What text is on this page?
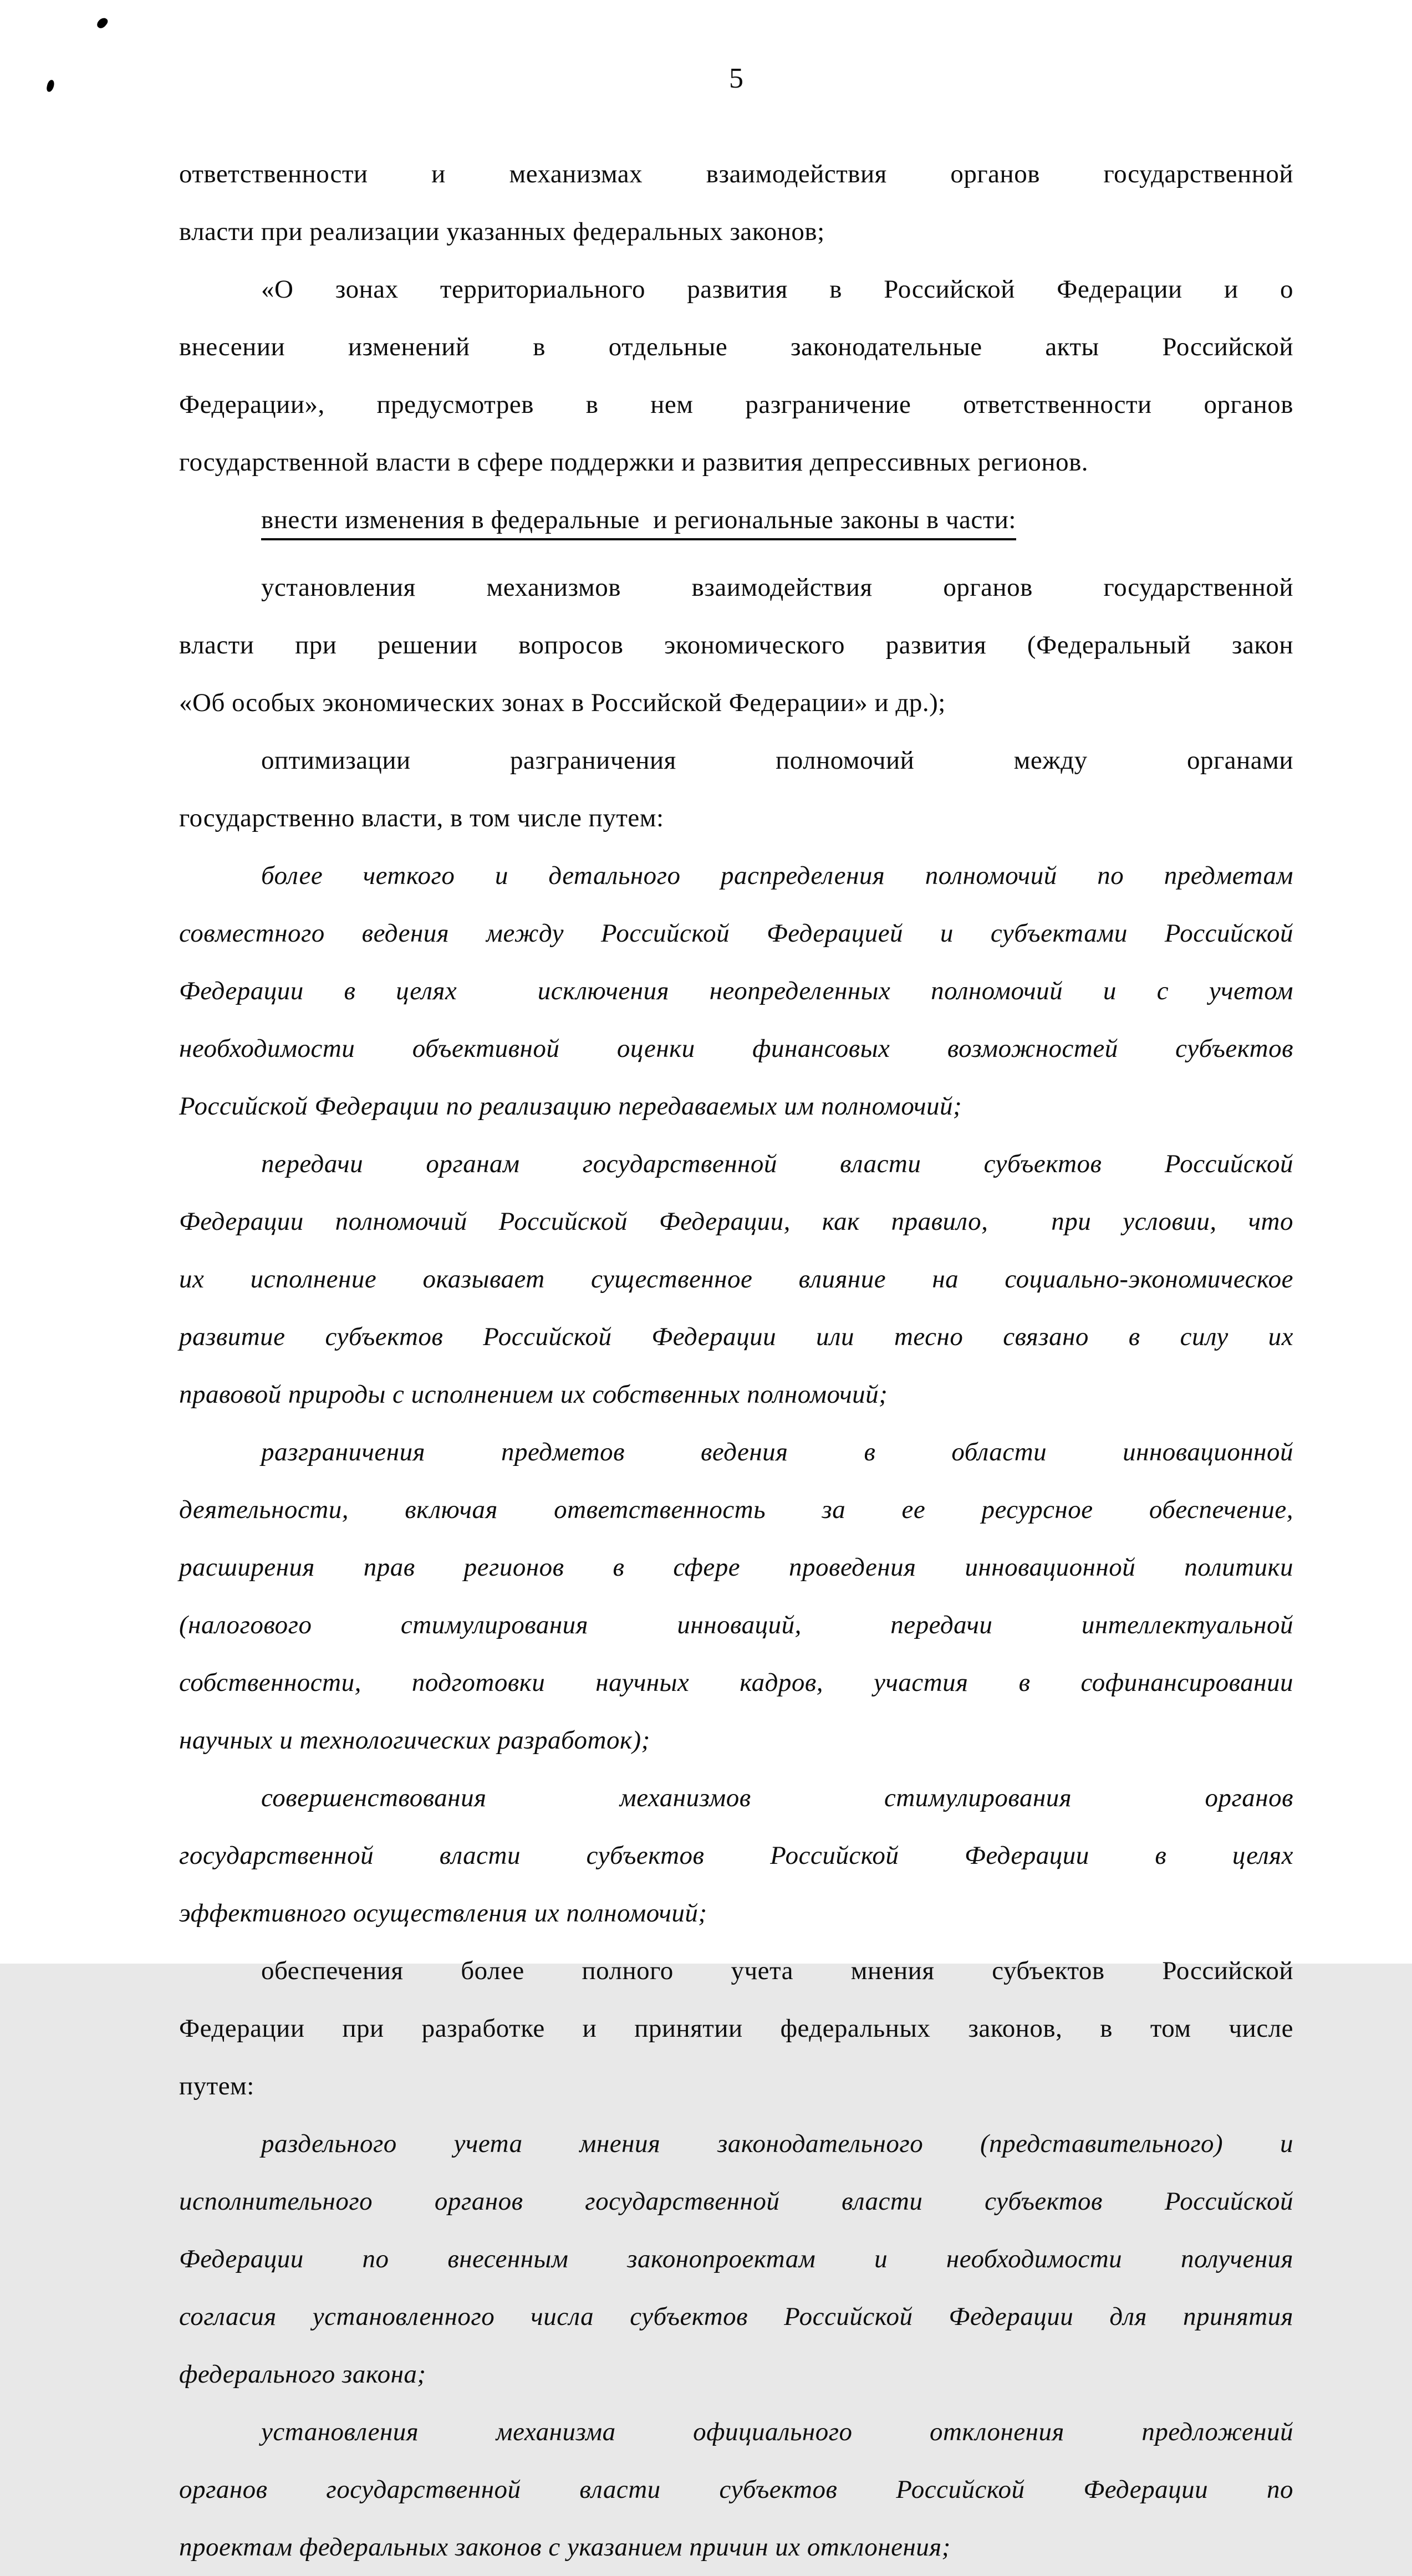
5
ответственности и механизмах взаимодействия органов государственной
власти при реализации указанных федеральных законов;
«О зонах территориального развития в Российской Федерации и о
внесении изменений в отдельные законодательные акты Российской
Федерации», предусмотрев в нем разграничение ответственности органов
государственной власти в сфере поддержки и развития депрессивных регионов.
внести изменения в федеральные  и региональные законы в части:
установления механизмов взаимодействия органов государственной
власти при решении вопросов экономического развития (Федеральный закон
«Об особых экономических зонах в Российской Федерации» и др.);
оптимизации разграничения полномочий между органами
государственно власти, в том числе путем:
более четкого и детального распределения полномочий по предметам
совместного ведения между Российской Федерацией и субъектами Российской
Федерации в целях  исключения неопределенных полномочий и с учетом
необходимости объективной оценки финансовых возможностей субъектов
Российской Федерации по реализацию передаваемых им полномочий;
передачи органам государственной власти субъектов Российской
Федерации полномочий Российской Федерации, как правило,  при условии, что
их исполнение оказывает существенное влияние на социально-экономическое
развитие субъектов Российской Федерации или тесно связано в силу их
правовой природы с исполнением их собственных полномочий;
разграничения предметов ведения в области инновационной
деятельности, включая ответственность за ее ресурсное обеспечение,
расширения прав регионов в сфере проведения инновационной политики
(налогового стимулирования инноваций, передачи интеллектуальной
собственности, подготовки научных кадров, участия в софинансировании
научных и технологических разработок);
совершенствования механизмов стимулирования органов
государственной власти субъектов Российской Федерации в целях
эффективного осуществления их полномочий;
обеспечения более полного учета мнения субъектов Российской
Федерации при разработке и принятии федеральных законов, в том числе
путем:
раздельного учета мнения законодательного (представительного) и
исполнительного органов государственной власти субъектов Российской
Федерации по внесенным законопроектам и необходимости получения
согласия установленного числа субъектов Российской Федерации для принятия
федерального закона;
установления механизма официального отклонения предложений
органов государственной власти субъектов Российской Федерации по
проектам федеральных законов с указанием причин их отклонения;
